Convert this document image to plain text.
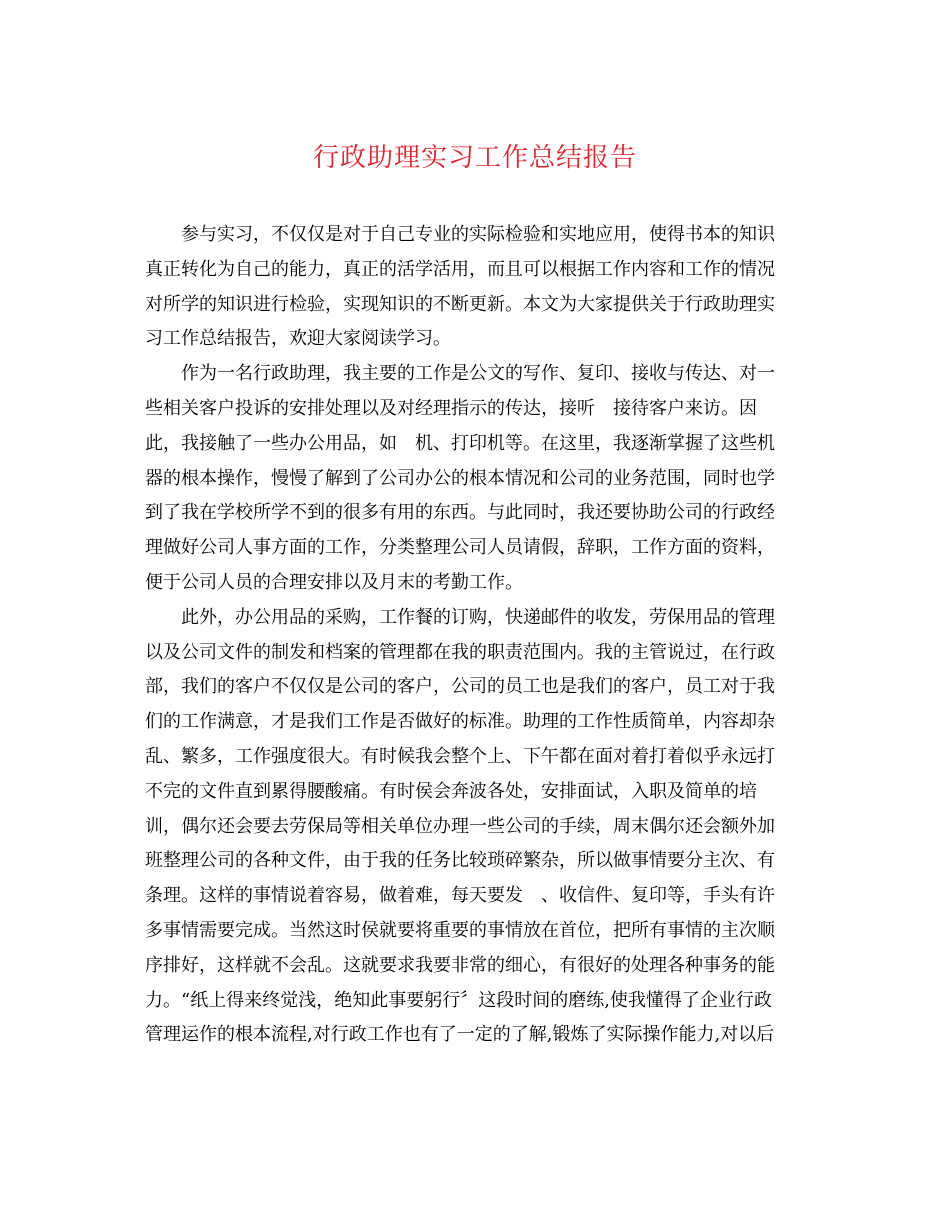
行政助理实习工作总结报告
参与实习，不仅仅是对于自己专业的实际检验和实地应用，使得书本的知识
真正转化为自己的能力，真正的活学活用，而且可以根据工作内容和工作的情况
对所学的知识进行检验，实现知识的不断更新。本文为大家提供关于行政助理实
习工作总结报告，欢迎大家阅读学习。
作为一名行政助理，我主要的工作是公文的写作、复印、接收与传达、对一
些相关客户投诉的安排处理以及对经理指示的传达，接听　接待客户来访。因
此，我接触了一些办公用品，如　机、打印机等。在这里，我逐渐掌握了这些机
器的根本操作，慢慢了解到了公司办公的根本情况和公司的业务范围，同时也学
到了我在学校所学不到的很多有用的东西。与此同时，我还要协助公司的行政经
理做好公司人事方面的工作，分类整理公司人员请假，辞职，工作方面的资料，
便于公司人员的合理安排以及月末的考勤工作。
此外，办公用品的采购，工作餐的订购，快递邮件的收发，劳保用品的管理
以及公司文件的制发和档案的管理都在我的职责范围内。我的主管说过，在行政
部，我们的客户不仅仅是公司的客户，公司的员工也是我们的客户，员工对于我
们的工作满意，才是我们工作是否做好的标准。助理的工作性质简单，内容却杂
乱、繁多，工作强度很大。有时候我会整个上、下午都在面对着打着似乎永远打
不完的文件直到累得腰酸痛。有时侯会奔波各处，安排面试，入职及简单的培
训，偶尔还会要去劳保局等相关单位办理一些公司的手续，周末偶尔还会额外加
班整理公司的各种文件，由于我的任务比较琐碎繁杂，所以做事情要分主次、有
条理。这样的事情说着容易，做着难，每天要发　、收信件、复印等，手头有许
多事情需要完成。当然这时侯就要将重要的事情放在首位，把所有事情的主次顺
序排好，这样就不会乱。这就要求我要非常的细心，有很好的处理各种事务的能
力。“纸上得来终觉浅，绝知此事要躬行〞这段时间的磨练,使我懂得了企业行政
管理运作的根本流程,对行政工作也有了一定的了解,锻炼了实际操作能力,对以后
